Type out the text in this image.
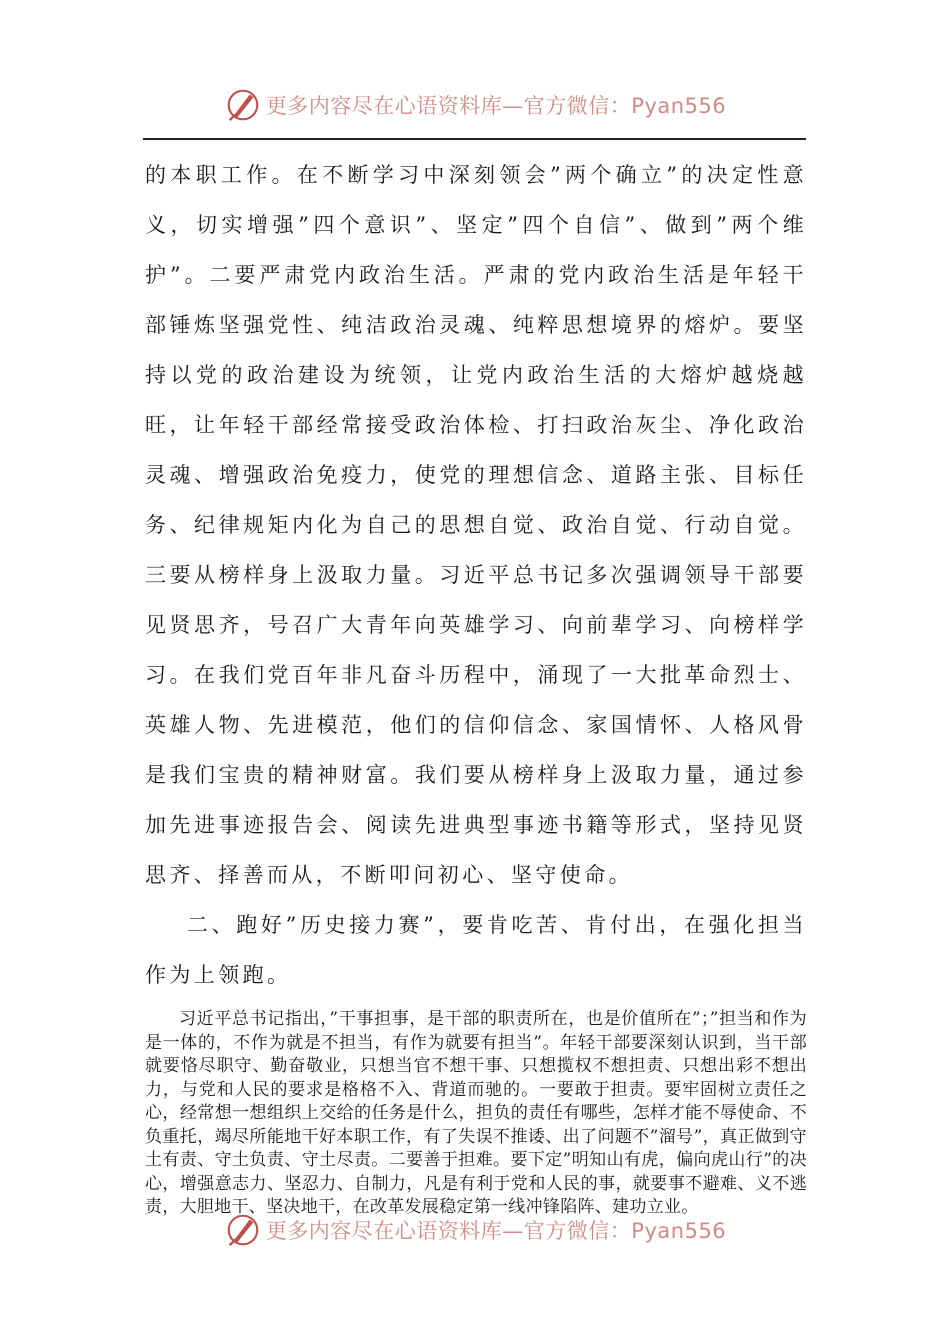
更多内容尽在心语资料库—官方微信：Pyan556

的本职工作。在不断学习中深刻领会”两个确立”的决定性意义，切实增强”四个意识”、坚定”四个自信”、做到”两个维护”。二要严肃党内政治生活。严肃的党内政治生活是年轻干部锤炼坚强党性、纯洁政治灵魂、纯粹思想境界的熔炉。要坚持以党的政治建设为统领，让党内政治生活的大熔炉越烧越旺，让年轻干部经常接受政治体检、打扫政治灰尘、净化政治灵魂、增强政治免疫力，使党的理想信念、道路主张、目标任务、纪律规矩内化为自己的思想自觉、政治自觉、行动自觉。三要从榜样身上汲取力量。习近平总书记多次强调领导干部要见贤思齐，号召广大青年向英雄学习、向前辈学习、向榜样学习。在我们党百年非凡奋斗历程中，涌现了一大批革命烈士、英雄人物、先进模范，他们的信仰信念、家国情怀、人格风骨是我们宝贵的精神财富。我们要从榜样身上汲取力量，通过参加先进事迹报告会、阅读先进典型事迹书籍等形式，坚持见贤思齐、择善而从，不断叩问初心、坚守使命。

二、跑好”历史接力赛”，要肯吃苦、肯付出，在强化担当作为上领跑。

习近平总书记指出，”干事担事，是干部的职责所在，也是价值所在”；”担当和作为是一体的，不作为就是不担当，有作为就要有担当”。年轻干部要深刻认识到，当干部就要恪尽职守、勤奋敬业，只想当官不想干事、只想揽权不想担责、只想出彩不想出力，与党和人民的要求是格格不入、背道而驰的。一要敢于担责。要牢固树立责任之心，经常想一想组织上交给的任务是什么，担负的责任有哪些，怎样才能不辱使命、不负重托，竭尽所能地干好本职工作，有了失误不推诿、出了问题不”溜号”，真正做到守土有责、守土负责、守土尽责。二要善于担难。要下定”明知山有虎，偏向虎山行”的决心，增强意志力、坚忍力、自制力，凡是有利于党和人民的事，就要事不避难、义不逃责，大胆地干、坚决地干，在改革发展稳定第一线冲锋陷阵、建功立业。

更多内容尽在心语资料库—官方微信：Pyan556
